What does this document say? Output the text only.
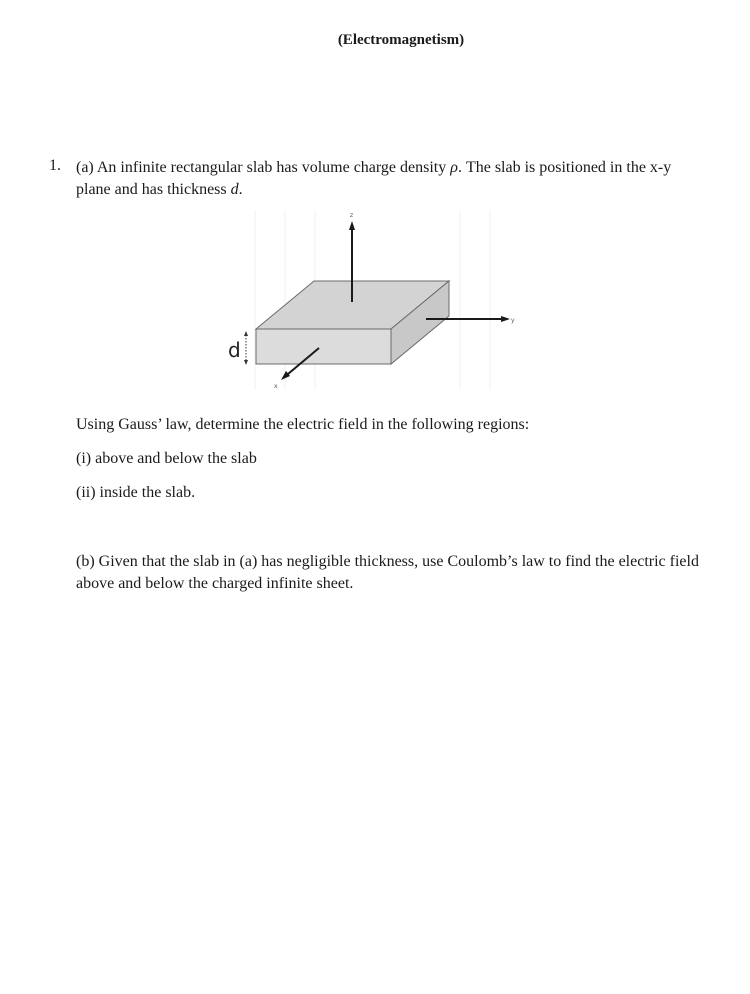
(Electromagnetism)
1. (a) An infinite rectangular slab has volume charge density ρ. The slab is positioned in the x-y plane and has thickness d.
z
y
x
d
Using Gauss’ law, determine the electric field in the following regions:
(i) above and below the slab
(ii) inside the slab.
(b) Given that the slab in (a) has negligible thickness, use Coulomb’s law to find the electric field above and below the charged infinite sheet.
